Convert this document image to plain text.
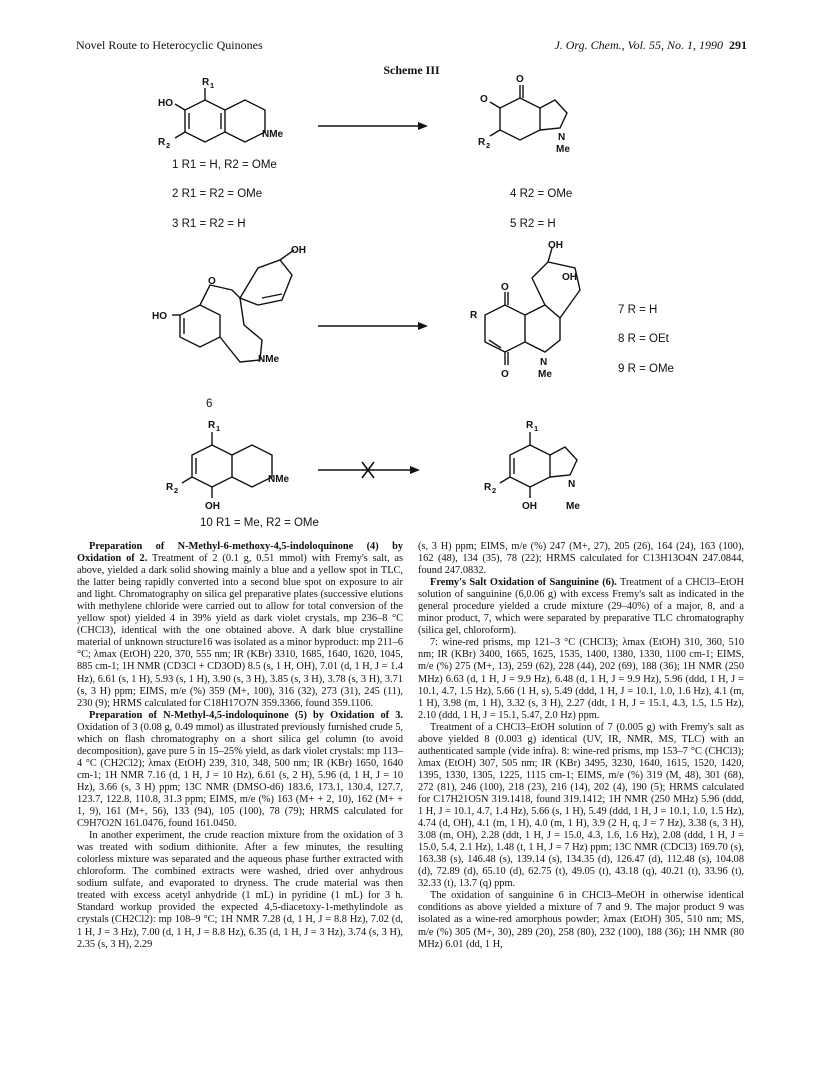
Novel Route to Heterocyclic Quinones	J. Org. Chem., Vol. 55, No. 1, 1990 291
Scheme III
R 1
HO
R 2
NMe
O
O
R 2
N
Me
1 R1 = H, R2 = OMe
2 R1 = R2 = OMe
3 R1 = R2 = H
4 R2 = OMe
5 R2 = H
O
HO
OH
NMe
OH
OH
R
O
O
N
Me
7 R = H
8 R = OEt
9 R = OMe
6
R 1
R 2
OH
NMe
R 1
R 2
OH
N
Me
10 R1 = Me, R2 = OMe

Preparation of N-Methyl-6-methoxy-4,5-indoloquinone (4) by Oxidation of 2. Treatment of 2 (0.1 g, 0.51 mmol) with Fremy's salt, as above, yielded a dark solid showing mainly a blue and a yellow spot in TLC, the latter being rapidly converted into a second blue spot on exposure to air and light. Chromatography on silica gel preparative plates (successive elutions with methylene chloride were carried out to allow for total conversion of the yellow spot) yielded 4 in 39% yield as dark violet crystals, mp 236–8 °C (CHCl3), identical with the one obtained above. A dark blue crystalline material of unknown structure16 was isolated as a minor byproduct: mp 211–6 °C; λmax (EtOH) 220, 370, 555 nm; IR (KBr) 3310, 1685, 1640, 1620, 1045, 885 cm-1; 1H NMR (CD3Cl + CD3OD) 8.5 (s, 1 H, OH), 7.01 (d, 1 H, J = 1.4 Hz), 6.61 (s, 1 H), 5.93 (s, 1 H), 3.90 (s, 3 H), 3.85 (s, 3 H), 3.78 (s, 3 H), 3.71 (s, 3 H) ppm; EIMS, m/e (%) 359 (M+, 100), 316 (32), 273 (31), 245 (11), 230 (9); HRMS calculated for C18H17O7N 359.3366, found 359.1106.

Preparation of N-Methyl-4,5-indoloquinone (5) by Oxidation of 3. Oxidation of 3 (0.08 g, 0.49 mmol) as illustrated previously furnished crude 5, which on flash chromatography on a short silica gel column (to avoid decomposition), gave pure 5 in 15–25% yield, as dark violet crystals: mp 113–4 °C (CH2Cl2); λmax (EtOH) 239, 310, 348, 500 nm; IR (KBr) 1650, 1640 cm-1; 1H NMR 7.16 (d, 1 H, J = 10 Hz), 6.61 (s, 2 H), 5.96 (d, 1 H, J = 10 Hz), 3.66 (s, 3 H) ppm; 13C NMR (DMSO-d6) 183.6, 173.1, 130.4, 127.7, 123.7, 122.8, 110.8, 31.3 ppm; EIMS, m/e (%) 163 (M+ + 2, 10), 162 (M+ + 1, 9), 161 (M+, 56), 133 (94), 105 (100), 78 (79); HRMS calculated for C9H7O2N 161.0476, found 161.0450.

In another experiment, the crude reaction mixture from the oxidation of 3 was treated with sodium dithionite. After a few minutes, the resulting colorless mixture was separated and the aqueous phase further extracted with chloroform. The combined extracts were washed, dried over anhydrous sodium sulfate, and evaporated to dryness. The crude material was then treated with excess acetyl anhydride (1 mL) in pyridine (1 mL) for 3 h. Standard workup provided the expected 4,5-diacetoxy-1-methylindole as crystals (CH2Cl2): mp 108–9 °C; 1H NMR 7.28 (d, 1 H, J = 8.8 Hz), 7.02 (d, 1 H, J = 3 Hz), 7.00 (d, 1 H, J = 8.8 Hz), 6.35 (d, 1 H, J = 3 Hz), 3.74 (s, 3 H), 2.35 (s, 3 H), 2.29

(s, 3 H) ppm; EIMS, m/e (%) 247 (M+, 27), 205 (26), 164 (24), 163 (100), 162 (48), 134 (35), 78 (22); HRMS calculated for C13H13O4N 247.0844, found 247.0832.

Fremy's Salt Oxidation of Sanguinine (6). Treatment of a CHCl3–EtOH solution of sanguinine (6,0.06 g) with excess Fremy's salt as indicated in the general procedure yielded a crude mixture (29–40%) of a major, 8, and a minor product, 7, which were separated by preparative TLC chromatography (silica gel, chloroform).

7: wine-red prisms, mp 121–3 °C (CHCl3); λmax (EtOH) 310, 360, 510 nm; IR (KBr) 3400, 1665, 1625, 1535, 1400, 1380, 1330, 1100 cm-1; EIMS, m/e (%) 275 (M+, 13), 259 (62), 228 (44), 202 (69), 188 (36); 1H NMR (250 MHz) 6.63 (d, 1 H, J = 9.9 Hz), 6.48 (d, 1 H, J = 9.9 Hz), 5.96 (ddd, 1 H, J = 10.1, 4.7, 1.5 Hz), 5.66 (1 H, s), 5.49 (ddd, 1 H, J = 10.1, 1.0, 1.6 Hz), 4.1 (m, 1 H), 3.98 (m, 1 H), 3.32 (s, 3 H), 2.27 (ddt, 1 H, J = 15.1, 4.3, 1.5, 1.5 Hz), 2.10 (ddd, 1 H, J = 15.1, 5.47, 2.0 Hz) ppm.

Treatment of a CHCl3–EtOH solution of 7 (0.005 g) with Fremy's salt as above yielded 8 (0.003 g) identical (UV, IR, NMR, MS, TLC) with an authenticated sample (vide infra). 8: wine-red prisms, mp 153–7 °C (CHCl3); λmax (EtOH) 307, 505 nm; IR (KBr) 3495, 3230, 1640, 1615, 1520, 1420, 1395, 1330, 1305, 1225, 1115 cm-1; EIMS, m/e (%) 319 (M, 48), 301 (68), 272 (81), 246 (100), 218 (23), 216 (14), 202 (4), 190 (5); HRMS calculated for C17H21O5N 319.1418, found 319.1412; 1H NMR (250 MHz) 5.96 (ddd, 1 H, J = 10.1, 4.7, 1.4 Hz), 5.66 (s, 1 H), 5.49 (ddd, 1 H, J = 10.1, 1.0, 1.5 Hz), 4.74 (d, OH), 4.1 (m, 1 H), 4.0 (m, 1 H), 3.9 (2 H, q, J = 7 Hz), 3.38 (s, 3 H), 3.08 (m, OH), 2.28 (ddt, 1 H, J = 15.0, 4.3, 1.6, 1.6 Hz), 2.08 (ddd, 1 H, J = 15.0, 5.4, 2.1 Hz), 1.48 (t, 1 H, J = 7 Hz) ppm; 13C NMR (CDCl3) 169.70 (s), 163.38 (s), 146.48 (s), 139.14 (s), 134.35 (d), 126.47 (d), 112.48 (s), 104.08 (d), 72.89 (d), 65.10 (d), 62.75 (t), 49.05 (t), 43.18 (q), 40.21 (t), 33.96 (t), 32.33 (t), 13.7 (q) ppm.

The oxidation of sanguinine 6 in CHCl3–MeOH in otherwise identical conditions as above yielded a mixture of 7 and 9. The major product 9 was isolated as a wine-red amorphous powder; λmax (EtOH) 305, 510 nm; MS, m/e (%) 305 (M+, 30), 289 (20), 258 (80), 232 (100), 188 (36); 1H NMR (80 MHz) 6.01 (dd, 1 H,
